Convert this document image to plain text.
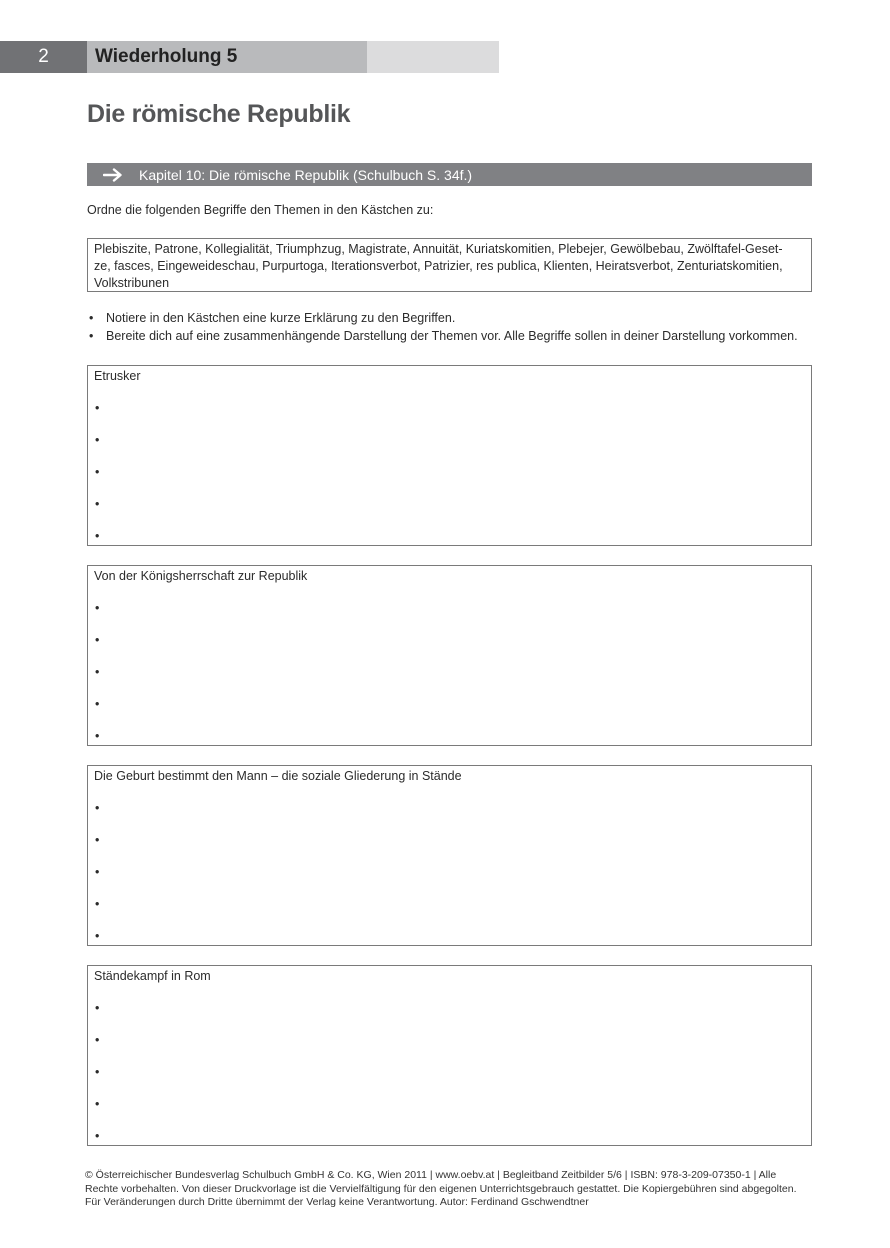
2	Wiederholung 5
Die römische Republik
Kapitel 10: Die römische Republik (Schulbuch S. 34f.)
Ordne die folgenden Begriffe den Themen in den Kästchen zu:
Plebiszite, Patrone, Kollegialität, Triumphzug, Magistrate, Annuität, Kuriatskomitien, Plebejer, Gewölbebau, Zwölftafel-Geset-
ze, fasces, Eingeweideschau, Purpurtoga, Iterationsverbot, Patrizier, res publica, Klienten, Heiratsverbot, Zenturiatskomitien,
Volkstribunen
• Notiere in den Kästchen eine kurze Erklärung zu den Begriffen.
• Bereite dich auf eine zusammenhängende Darstellung der Themen vor. Alle Begriffe sollen in deiner Darstellung vorkommen.
Etrusker
•
•
•
•
•
Von der Königsherrschaft zur Republik
•
•
•
•
•
Die Geburt bestimmt den Mann – die soziale Gliederung in Stände
•
•
•
•
•
Ständekampf in Rom
•
•
•
•
•
© Österreichischer Bundesverlag Schulbuch GmbH & Co. KG, Wien 2011 | www.oebv.at | Begleitband Zeitbilder 5/6 | ISBN: 978-3-209-07350-1 | Alle
Rechte vorbehalten. Von dieser Druckvorlage ist die Vervielfältigung für den eigenen Unterrichtsgebrauch gestattet. Die Kopiergebühren sind abgegolten.
Für Veränderungen durch Dritte übernimmt der Verlag keine Verantwortung. Autor: Ferdinand Gschwendtner
